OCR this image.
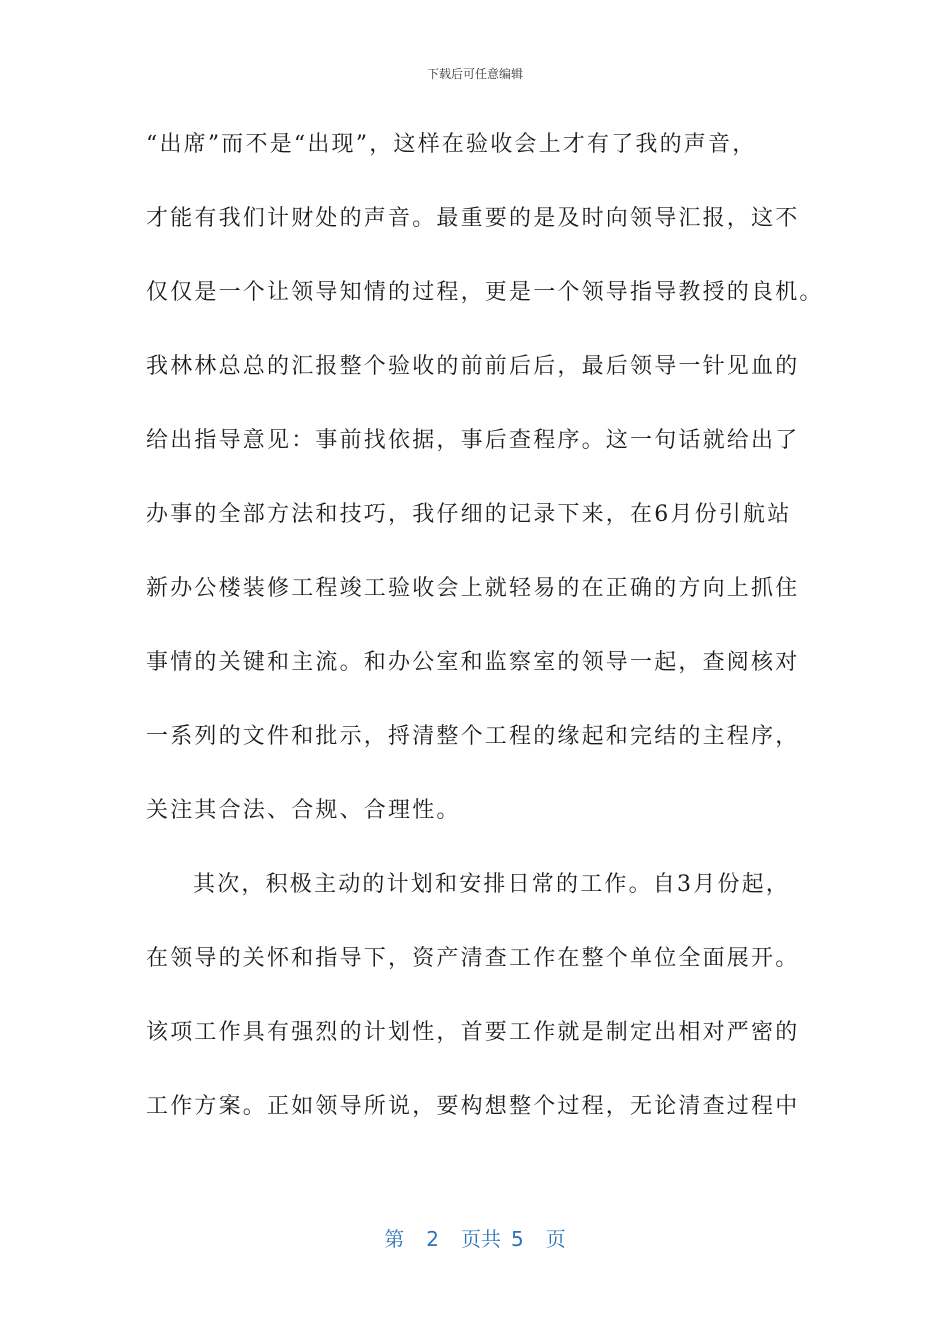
下载后可任意编辑
“出席”而不是“出现”，这样在验收会上才有了我的声音，
才能有我们计财处的声音。最重要的是及时向领导汇报，这不
仅仅是一个让领导知情的过程，更是一个领导指导教授的良机。
我林林总总的汇报整个验收的前前后后，最后领导一针见血的
给出指导意见：事前找依据，事后查程序。这一句话就给出了
办事的全部方法和技巧，我仔细的记录下来，在6月份引航站
新办公楼装修工程竣工验收会上就轻易的在正确的方向上抓住
事情的关键和主流。和办公室和监察室的领导一起，查阅核对
一系列的文件和批示，捋清整个工程的缘起和完结的主程序，
关注其合法、合规、合理性。
其次，积极主动的计划和安排日常的工作。自3月份起，
在领导的关怀和指导下，资产清查工作在整个单位全面展开。
该项工作具有强烈的计划性，首要工作就是制定出相对严密的
工作方案。正如领导所说，要构想整个过程，无论清查过程中
第 2 页共 5 页
